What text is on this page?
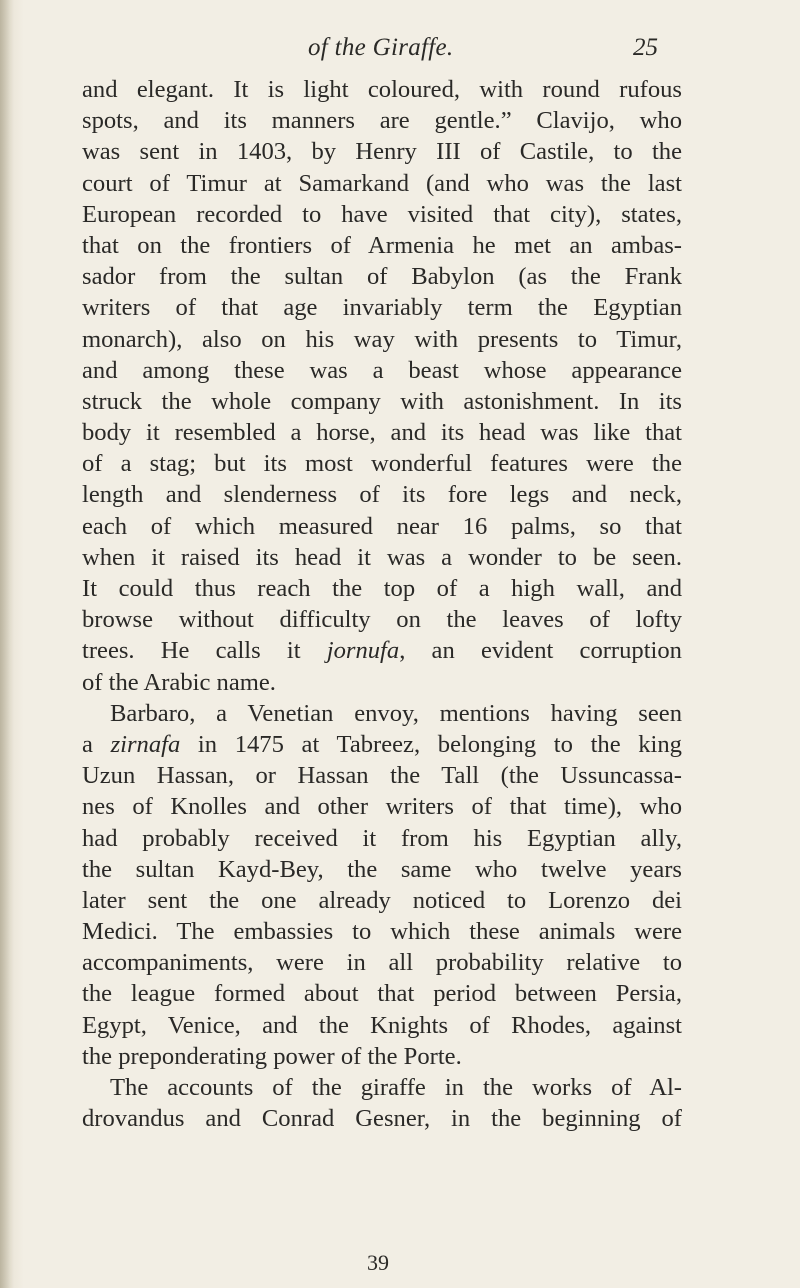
of the Giraffe.	25
and elegant. It is light coloured, with round rufous
spots, and its manners are gentle.” Clavijo, who
was sent in 1403, by Henry III of Castile, to the
court of Timur at Samarkand (and who was the last
European recorded to have visited that city), states,
that on the frontiers of Armenia he met an ambas-
sador from the sultan of Babylon (as the Frank
writers of that age invariably term the Egyptian
monarch), also on his way with presents to Timur,
and among these was a beast whose appearance
struck the whole company with astonishment. In its
body it resembled a horse, and its head was like that
of a stag; but its most wonderful features were the
length and slenderness of its fore legs and neck,
each of which measured near 16 palms, so that
when it raised its head it was a wonder to be seen.
It could thus reach the top of a high wall, and
browse without difficulty on the leaves of lofty
trees. He calls it jornufa, an evident corruption
of the Arabic name.
Barbaro, a Venetian envoy, mentions having seen
a zirnafa in 1475 at Tabreez, belonging to the king
Uzun Hassan, or Hassan the Tall (the Ussuncassa-
nes of Knolles and other writers of that time), who
had probably received it from his Egyptian ally,
the sultan Kayd-Bey, the same who twelve years
later sent the one already noticed to Lorenzo dei
Medici. The embassies to which these animals were
accompaniments, were in all probability relative to
the league formed about that period between Persia,
Egypt, Venice, and the Knights of Rhodes, against
the preponderating power of the Porte.
The accounts of the giraffe in the works of Al-
drovandus and Conrad Gesner, in the beginning of
39
